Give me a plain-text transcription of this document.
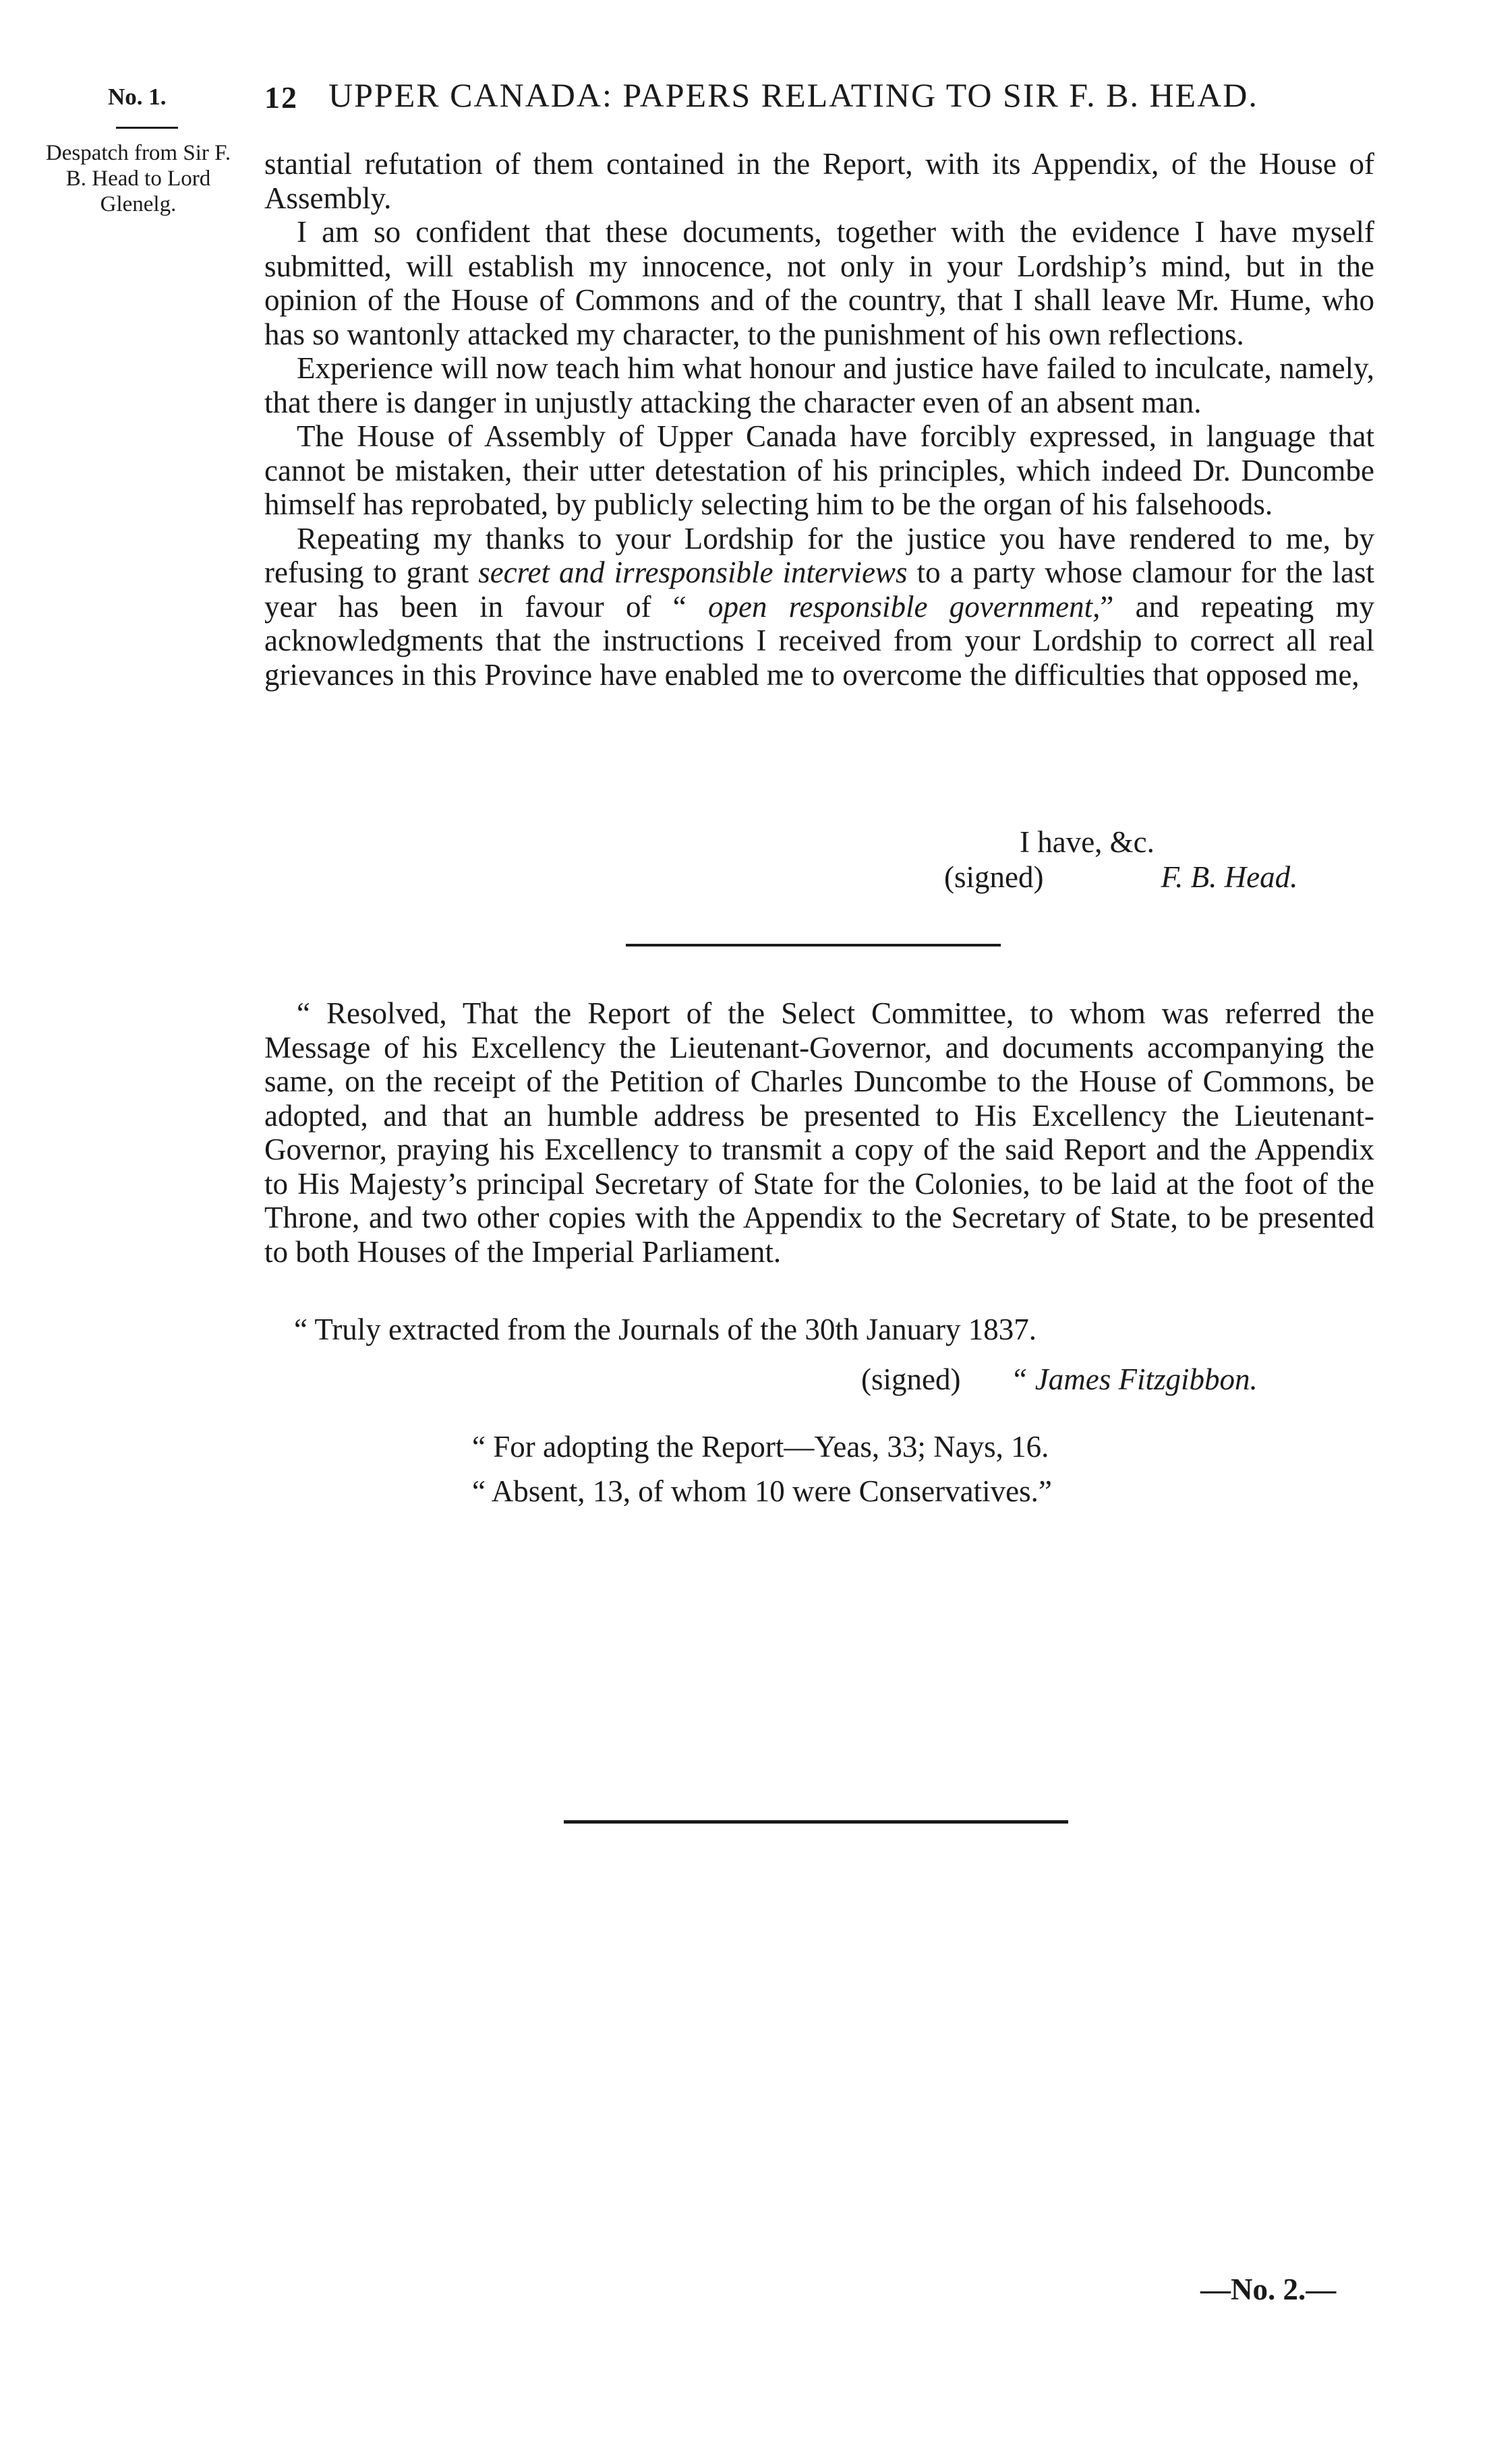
No. 1.
Despatch from Sir F. B. Head to Lord Glenelg.
12 UPPER CANADA: PAPERS RELATING TO SIR F. B. HEAD.

stantial refutation of them contained in the Report, with its Appendix, of the House of Assembly.

I am so confident that these documents, together with the evidence I have myself submitted, will establish my innocence, not only in your Lordship’s mind, but in the opinion of the House of Commons and of the country, that I shall leave Mr. Hume, who has so wantonly attacked my character, to the punishment of his own reflections.

Experience will now teach him what honour and justice have failed to inculcate, namely, that there is danger in unjustly attacking the character even of an absent man.

The House of Assembly of Upper Canada have forcibly expressed, in language that cannot be mistaken, their utter detestation of his principles, which indeed Dr. Duncombe himself has reprobated, by publicly selecting him to be the organ of his falsehoods.

Repeating my thanks to your Lordship for the justice you have rendered to me, by refusing to grant secret and irresponsible interviews to a party whose clamour for the last year has been in favour of “ open responsible government,” and repeating my acknowledgments that the instructions I received from your Lordship to correct all real grievances in this Province have enabled me to overcome the difficulties that opposed me,

I have, &c.
(signed)	F. B. Head.

“ Resolved, That the Report of the Select Committee, to whom was referred the Message of his Excellency the Lieutenant-Governor, and documents accompanying the same, on the receipt of the Petition of Charles Duncombe to the House of Commons, be adopted, and that an humble address be presented to His Excellency the Lieutenant-Governor, praying his Excellency to transmit a copy of the said Report and the Appendix to His Majesty’s principal Secretary of State for the Colonies, to be laid at the foot of the Throne, and two other copies with the Appendix to the Secretary of State, to be presented to both Houses of the Imperial Parliament.

“ Truly extracted from the Journals of the 30th January 1837.
(signed) “ James Fitzgibbon.
“ For adopting the Report—Yeas, 33; Nays, 16.
“ Absent, 13, of whom 10 were Conservatives.”
—No. 2.—
